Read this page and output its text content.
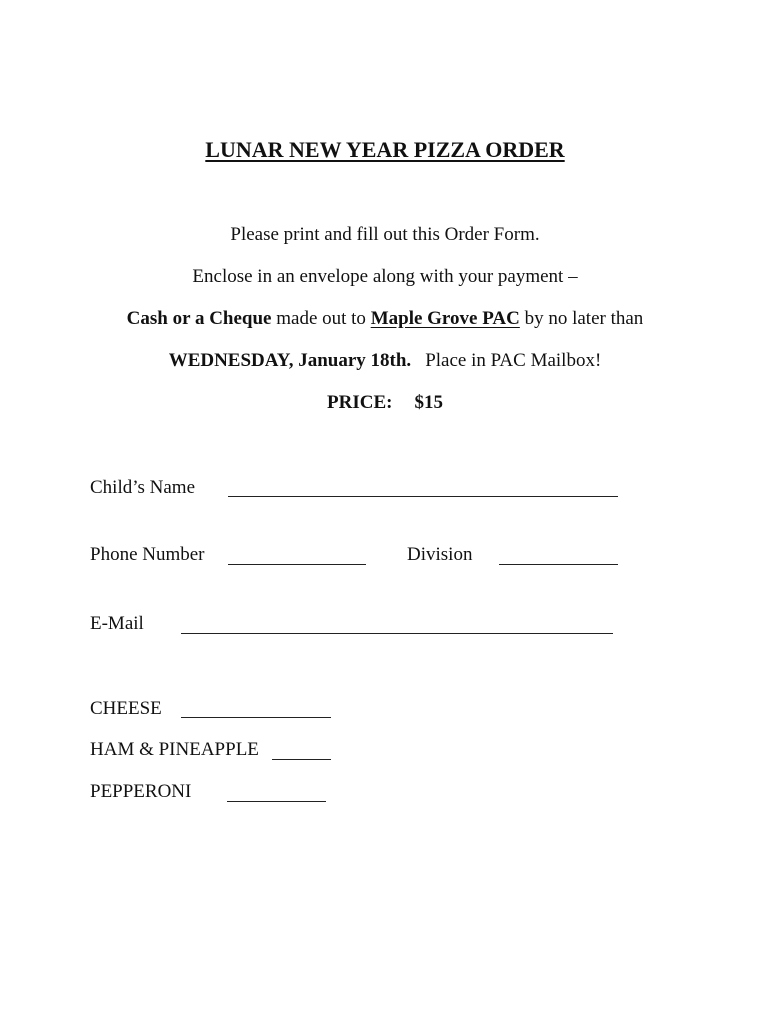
LUNAR NEW YEAR PIZZA ORDER
Please print and fill out this Order Form.
Enclose in an envelope along with your payment –
Cash or a Cheque made out to Maple Grove PAC by no later than
WEDNESDAY, January 18th. Place in PAC Mailbox!
PRICE: $15
Child’s Name
Phone Number	Division
E-Mail
CHEESE
HAM & PINEAPPLE
PEPPERONI
